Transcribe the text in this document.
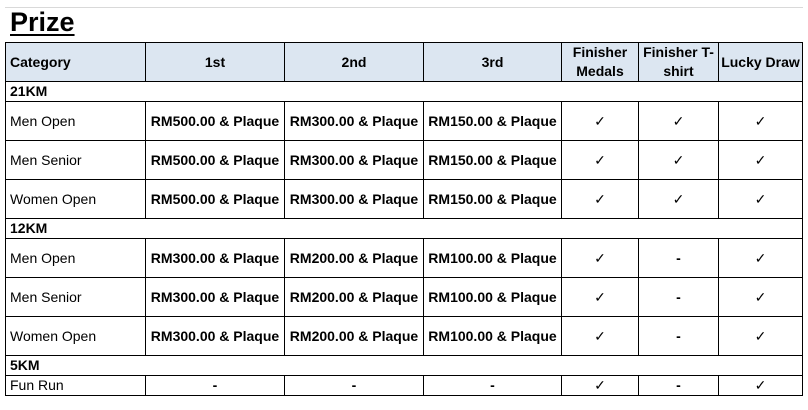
Prize
Category	1st	2nd	3rd	Finisher Medals	Finisher T-shirt	Lucky Draw
21KM						
Men Open	RM500.00 & Plaque	RM300.00 & Plaque	RM150.00 & Plaque	✓	✓	✓
Men Senior	RM500.00 & Plaque	RM300.00 & Plaque	RM150.00 & Plaque	✓	✓	✓
Women Open	RM500.00 & Plaque	RM300.00 & Plaque	RM150.00 & Plaque	✓	✓	✓
12KM						
Men Open	RM300.00 & Plaque	RM200.00 & Plaque	RM100.00 & Plaque	✓	-	✓
Men Senior	RM300.00 & Plaque	RM200.00 & Plaque	RM100.00 & Plaque	✓	-	✓
Women Open	RM300.00 & Plaque	RM200.00 & Plaque	RM100.00 & Plaque	✓	-	✓
5KM						
Fun Run	-	-	-	✓	-	✓
